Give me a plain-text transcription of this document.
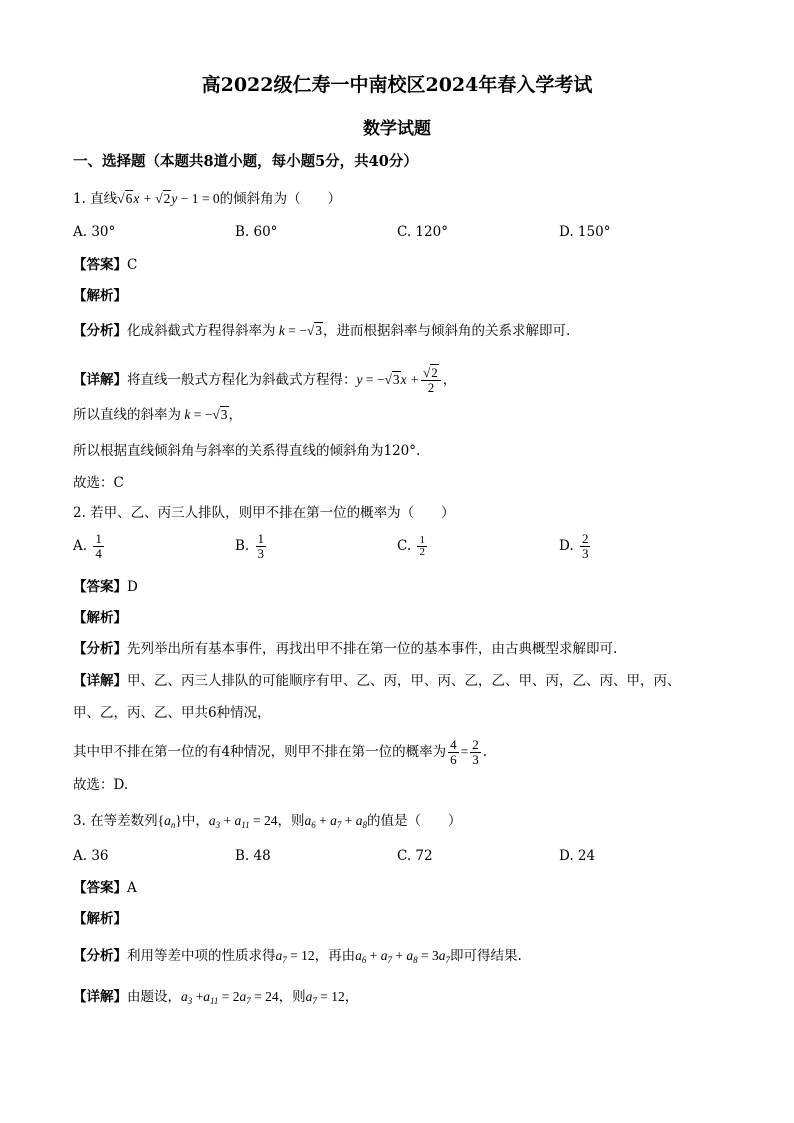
高2022级仁寿一中南校区2024年春入学考试
数学试题
一、选择题（本题共8道小题，每小题5分，共40分）
1. 直线√6x + √2y − 1 = 0的倾斜角为（　　）
A. 30°	B. 60°	C. 120°	D. 150°
【答案】C
【解析】
【分析】化成斜截式方程得斜率为 k = −√3，进而根据斜率与倾斜角的关系求解即可.
【详解】将直线一般式方程化为斜截式方程得：$y = -√3x + \frac{√2}{2}$ ，
所以直线的斜率为 k = −√3，
所以根据直线倾斜角与斜率的关系得直线的倾斜角为120°.
故选：C
2. 若甲、乙、丙三人排队，则甲不排在第一位的概率为（　　）
A. $\frac{1}{4}$	B. $\frac{1}{3}$	C. $\frac{1}{2}$	D. $\frac{2}{3}$
【答案】D
【解析】
【分析】先列举出所有基本事件，再找出甲不排在第一位的基本事件，由古典概型求解即可.
【详解】甲、乙、丙三人排队的可能顺序有甲、乙、丙，甲、丙、乙，乙、甲、丙，乙、丙、甲，丙、
甲、乙，丙、乙、甲共6种情况，
其中甲不排在第一位的有4种情况，则甲不排在第一位的概率为 $\frac{4}{6} = \frac{2}{3}$ .
故选：D.
3. 在等差数列$\{a_n\}$中，$a_3 + a_{11} = 24$，则$a_6 + a_7 + a_8$的值是（　　）
A. 36	B. 48	C. 72	D. 24
【答案】A
【解析】
【分析】利用等差中项的性质求得$a_7 = 12$，再由$a_6 + a_7 + a_8 = 3a_7$即可得结果.
【详解】由题设，$a_3 +a_{11} = 2a_7 = 24$，则$a_7 = 12$，
